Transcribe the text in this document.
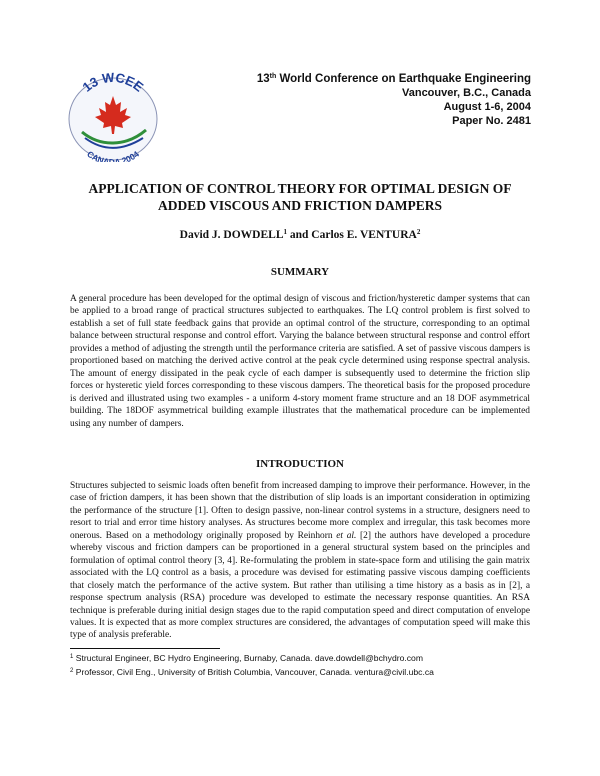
13 WCEE
CANADA 2004
13th World Conference on Earthquake Engineering
Vancouver, B.C., Canada
August 1-6, 2004
Paper No. 2481
APPLICATION OF CONTROL THEORY FOR OPTIMAL DESIGN OF
ADDED VISCOUS AND FRICTION DAMPERS
David J. DOWDELL$^1$ and Carlos E. VENTURA$^2$
SUMMARY
A general procedure has been developed for the optimal design of viscous and friction/hysteretic damper systems that can be applied to a broad range of practical structures subjected to earthquakes. The LQ control problem is first solved to establish a set of full state feedback gains that provide an optimal control of the structure, corresponding to an optimal balance between structural response and control effort. Varying the balance between structural response and control effort provides a method of adjusting the strength until the performance criteria are satisfied. A set of passive viscous dampers is proportioned based on matching the derived active control at the peak cycle determined using response spectral analysis. The amount of energy dissipated in the peak cycle of each damper is subsequently used to determine the friction slip forces or hysteretic yield forces corresponding to these viscous dampers. The theoretical basis for the proposed procedure is derived and illustrated using two examples - a uniform 4-story moment frame structure and an 18 DOF asymmetrical building. The 18DOF asymmetrical building example illustrates that the mathematical procedure can be implemented using any number of dampers.
INTRODUCTION
Structures subjected to seismic loads often benefit from increased damping to improve their performance. However, in the case of friction dampers, it has been shown that the distribution of slip loads is an important consideration in optimizing the performance of the structure [1]. Often to design passive, non-linear control systems in a structure, designers need to resort to trial and error time history analyses. As structures become more complex and irregular, this task becomes more onerous. Based on a methodology originally proposed by Reinhorn et al. [2] the authors have developed a procedure whereby viscous and friction dampers can be proportioned in a general structural system based on the principles and formulation of optimal control theory [3, 4]. Re-formulating the problem in state-space form and utilising the gain matrix associated with the LQ control as a basis, a procedure was devised for estimating passive viscous damping coefficients that closely match the performance of the active system. But rather than utilising a time history as a basis as in [2], a response spectrum analysis (RSA) procedure was developed to estimate the necessary response quantities. An RSA technique is preferable during initial design stages due to the rapid computation speed and direct computation of envelope values. It is expected that as more complex structures are considered, the advantages of computation speed will make this type of analysis preferable.
$^1$ Structural Engineer, BC Hydro Engineering, Burnaby, Canada. dave.dowdell@bchydro.com
$^2$ Professor, Civil Eng., University of British Columbia, Vancouver, Canada. ventura@civil.ubc.ca
